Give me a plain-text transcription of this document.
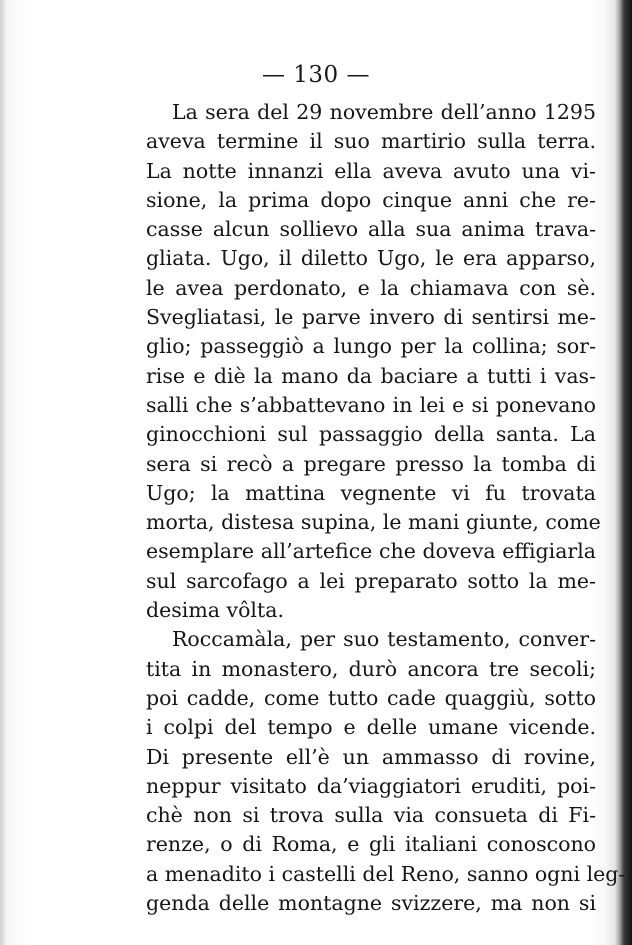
— 130 —
La sera del 29 novembre dell’anno 1295
aveva termine il suo martirio sulla terra.
La notte innanzi ella aveva avuto una vi-
sione, la prima dopo cinque anni che re-
casse alcun sollievo alla sua anima trava-
gliata. Ugo, il diletto Ugo, le era apparso,
le avea perdonato, e la chiamava con sè.
Svegliatasi, le parve invero di sentirsi me-
glio; passeggiò a lungo per la collina; sor-
rise e diè la mano da baciare a tutti i vas-
salli che s’abbattevano in lei e si ponevano
ginocchioni sul passaggio della santa. La
sera si recò a pregare presso la tomba di
Ugo; la mattina vegnente vi fu trovata
morta, distesa supina, le mani giunte, come
esemplare all’artefice che doveva effigiarla
sul sarcofago a lei preparato sotto la me-
desima vôlta.
Roccamàla, per suo testamento, conver-
tita in monastero, durò ancora tre secoli;
poi cadde, come tutto cade quaggiù, sotto
i colpi del tempo e delle umane vicende.
Di presente ell’è un ammasso di rovine,
neppur visitato da’viaggiatori eruditi, poi-
chè non si trova sulla via consueta di Fi-
renze, o di Roma, e gli italiani conoscono
a menadito i castelli del Reno, sanno ogni leg-
genda delle montagne svizzere, ma non si
